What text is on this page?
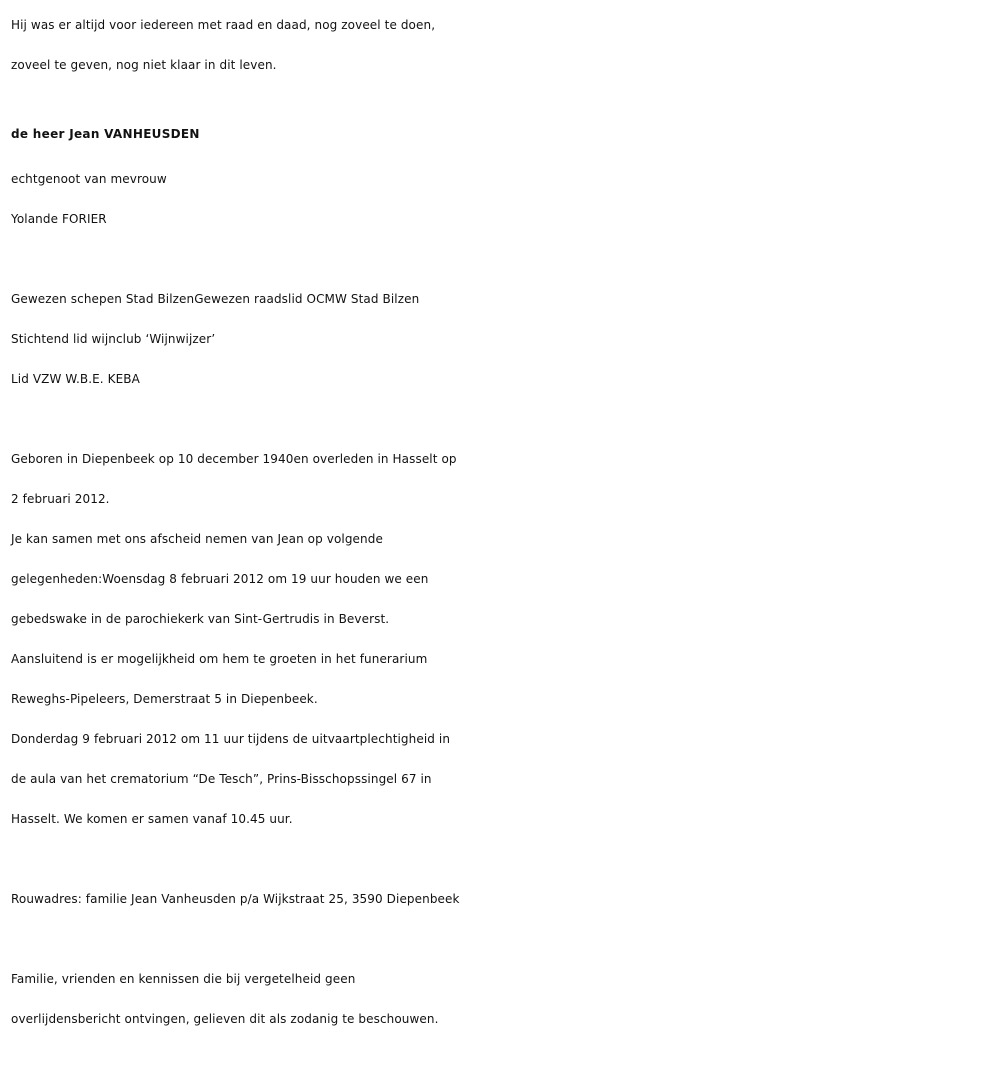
Hij was er altijd voor iedereen met raad en daad, nog zoveel te doen,
zoveel te geven, nog niet klaar in dit leven.
de heer Jean VANHEUSDEN
echtgenoot van mevrouw
Yolande FORIER
Gewezen schepen Stad BilzenGewezen raadslid OCMW Stad Bilzen
Stichtend lid wijnclub ‘Wijnwijzer’
Lid VZW W.B.E. KEBA
Geboren in Diepenbeek op 10 december 1940en overleden in Hasselt op
2 februari 2012.
Je kan samen met ons afscheid nemen van Jean op volgende
gelegenheden:Woensdag 8 februari 2012 om 19 uur houden we een
gebedswake in de parochiekerk van Sint-Gertrudis in Beverst.
Aansluitend is er mogelijkheid om hem te groeten in het funerarium
Reweghs-Pipeleers, Demerstraat 5 in Diepenbeek.
Donderdag 9 februari 2012 om 11 uur tijdens de uitvaartplechtigheid in
de aula van het crematorium “De Tesch”, Prins-Bisschopssingel 67 in
Hasselt. We komen er samen vanaf 10.45 uur.
Rouwadres: familie Jean Vanheusden p/a Wijkstraat 25, 3590 Diepenbeek
Familie, vrienden en kennissen die bij vergetelheid geen
overlijdensbericht ontvingen, gelieven dit als zodanig te beschouwen.
